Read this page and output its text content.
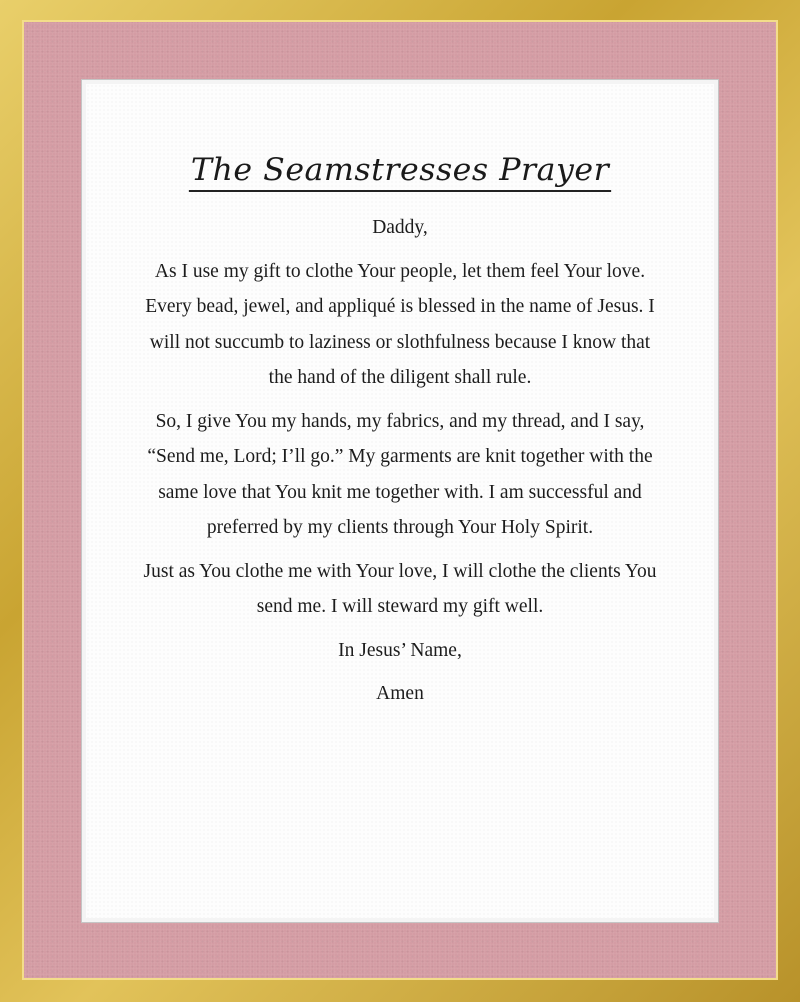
The Seamstresses Prayer
Daddy,
As I use my gift to clothe Your people, let them feel Your love. Every bead, jewel, and appliqué is blessed in the name of Jesus. I will not succumb to laziness or slothfulness because I know that the hand of the diligent shall rule.
So, I give You my hands, my fabrics, and my thread, and I say, “Send me, Lord; I’ll go.” My garments are knit together with the same love that You knit me together with. I am successful and preferred by my clients through Your Holy Spirit.
Just as You clothe me with Your love, I will clothe the clients You send me. I will steward my gift well.
In Jesus’ Name,
Amen
